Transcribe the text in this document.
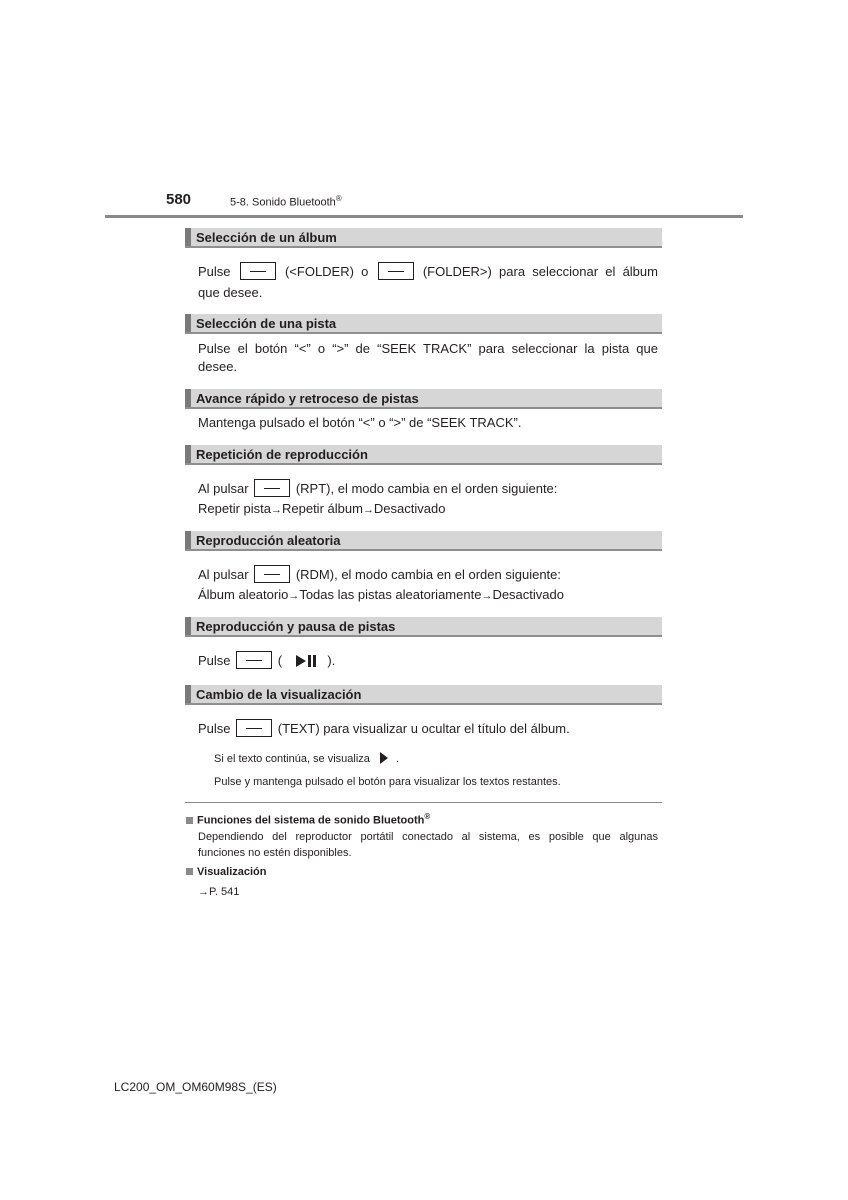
580	5-8. Sonido Bluetooth®
Selección de un álbum
Pulse	(<FOLDER) o	(FOLDER>) para seleccionar el álbum
que desee.
Selección de una pista
Pulse el botón “<” o “>” de “SEEK TRACK” para seleccionar la pista que
desee.
Avance rápido y retroceso de pistas
Mantenga pulsado el botón “<” o “>” de “SEEK TRACK”.
Repetición de reproducción
Al pulsar	(RPT), el modo cambia en el orden siguiente:
Repetir pista→Repetir álbum→Desactivado
Reproducción aleatoria
Al pulsar	(RDM), el modo cambia en el orden siguiente:
Álbum aleatorio→Todas las pistas aleatoriamente→Desactivado
Reproducción y pausa de pistas
Pulse	(	).
Cambio de la visualización
Pulse	(TEXT) para visualizar u ocultar el título del álbum.
Si el texto continúa, se visualiza .
Pulse y mantenga pulsado el botón para visualizar los textos restantes.
Funciones del sistema de sonido Bluetooth®
Dependiendo del reproductor portátil conectado al sistema, es posible que algunas
funciones no estén disponibles.
Visualización
→P. 541
LC200_OM_OM60M98S_(ES)
